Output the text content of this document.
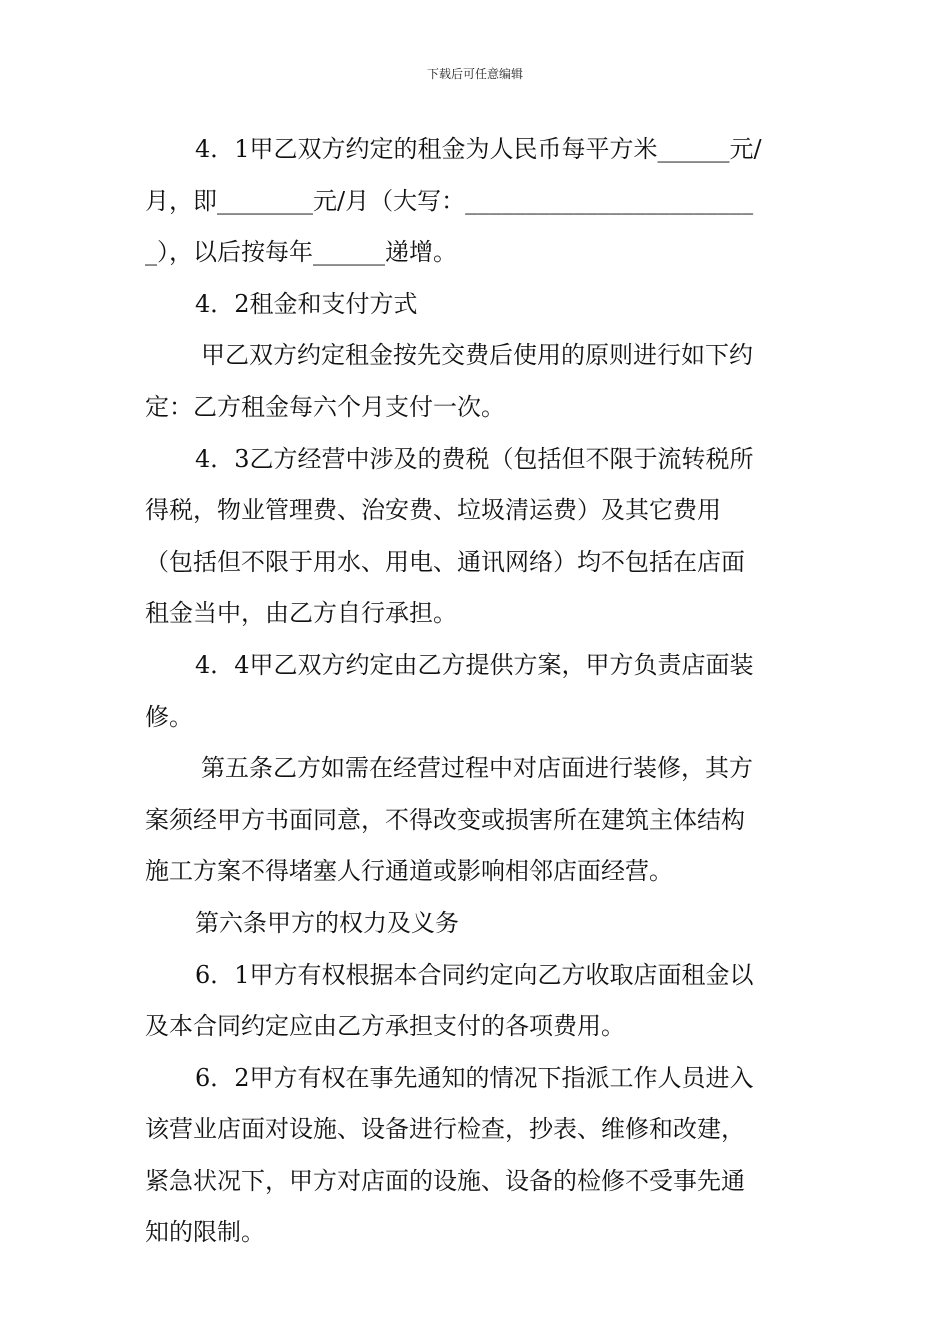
下载后可任意编辑
4．1甲乙双方约定的租金为人民币每平方米______元/
月，即________元/月（大写：________________________
_），以后按每年______递增。
4．2租金和支付方式
甲乙双方约定租金按先交费后使用的原则进行如下约
定：乙方租金每六个月支付一次。
4．3乙方经营中涉及的费税（包括但不限于流转税所
得税，物业管理费、治安费、垃圾清运费）及其它费用
（包括但不限于用水、用电、通讯网络）均不包括在店面
租金当中，由乙方自行承担。
4．4甲乙双方约定由乙方提供方案，甲方负责店面装
修。
第五条乙方如需在经营过程中对店面进行装修，其方
案须经甲方书面同意，不得改变或损害所在建筑主体结构
施工方案不得堵塞人行通道或影响相邻店面经营。
第六条甲方的权力及义务
6．1甲方有权根据本合同约定向乙方收取店面租金以
及本合同约定应由乙方承担支付的各项费用。
6．2甲方有权在事先通知的情况下指派工作人员进入
该营业店面对设施、设备进行检查，抄表、维修和改建，
紧急状况下，甲方对店面的设施、设备的检修不受事先通
知的限制。
